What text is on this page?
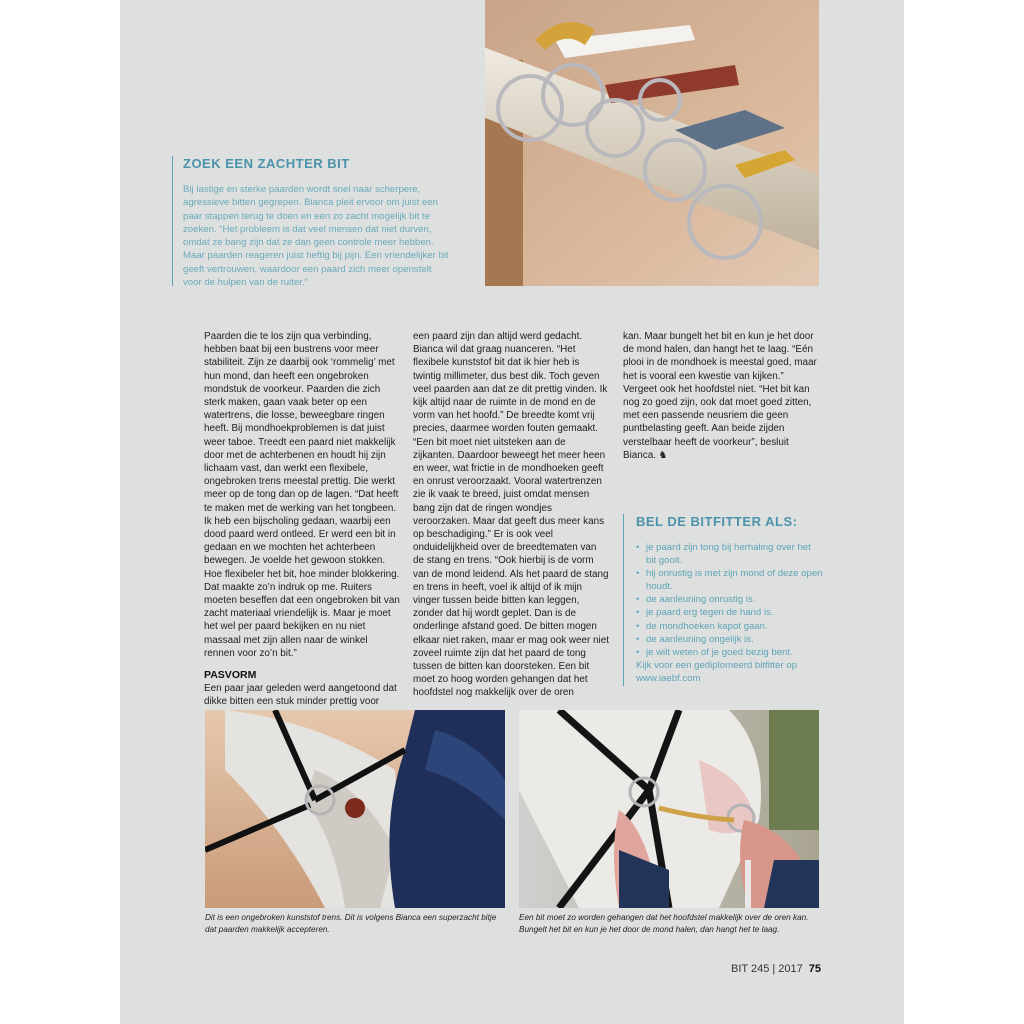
ZOEK EEN ZACHTER BIT

Bij lastige en sterke paarden wordt snel naar scherpere, agressieve bitten gegrepen. Bianca pleit ervoor om juist een paar stappen terug te doen en een zo zacht mogelijk bit te zoeken. “Het probleem is dat veel mensen dat niet durven, omdat ze bang zijn dat ze dan geen controle meer hebben. Maar paarden reageren juist heftig bij pijn. Een vriendelijker bit geeft vertrouwen, waardoor een paard zich meer openstelt voor de hulpen van de ruiter.”

Paarden die te los zijn qua verbinding, hebben baat bij een bustrens voor meer stabiliteit. Zijn ze daarbij ook ‘rommelig’ met hun mond, dan heeft een ongebroken mondstuk de voorkeur. Paarden die zich sterk maken, gaan vaak beter op een watertrens, die losse, beweegbare ringen heeft. Bij mondhoekproblemen is dat juist weer taboe. Treedt een paard niet makkelijk door met de achterbenen en houdt hij zijn lichaam vast, dan werkt een flexibele, ongebroken trens meestal prettig. Die werkt meer op de tong dan op de lagen. “Dat heeft te maken met de werking van het tongbeen. Ik heb een bijscholing gedaan, waarbij een dood paard werd ontleed. Er werd een bit in gedaan en we mochten het achterbeen bewegen. Je voelde het gewoon stokken. Hoe flexibeler het bit, hoe minder blokkering. Dat maakte zo’n indruk op me. Ruiters moeten beseffen dat een ongebroken bit van zacht materiaal vriendelijk is. Maar je moet het wel per paard bekijken en nu niet massaal met zijn allen naar de winkel rennen voor zo’n bit.”

PASVORM

Een paar jaar geleden werd aangetoond dat dikke bitten een stuk minder prettig voor

een paard zijn dan altijd werd gedacht. Bianca wil dat graag nuanceren. “Het flexibele kunststof bit dat ik hier heb is twintig millimeter, dus best dik. Toch geven veel paarden aan dat ze dit prettig vinden. Ik kijk altijd naar de ruimte in de mond en de vorm van het hoofd.” De breedte komt vrij precies, daarmee worden fouten gemaakt. “Een bit moet niet uitsteken aan de zijkanten. Daardoor beweegt het meer heen en weer, wat frictie in de mondhoeken geeft en onrust veroorzaakt. Vooral watertrenzen zie ik vaak te breed, juist omdat mensen bang zijn dat de ringen wondjes veroorzaken. Maar dat geeft dus meer kans op beschadiging.” Er is ook veel onduidelijkheid over de breedtematen van de stang en trens. “Ook hierbij is de vorm van de mond leidend. Als het paard de stang en trens in heeft, voel ik altijd of ik mijn vinger tussen beide bitten kan leggen, zonder dat hij wordt geplet. Dan is de onderlinge afstand goed. De bitten mogen elkaar niet raken, maar er mag ook weer niet zoveel ruimte zijn dat het paard de tong tussen de bitten kan doorsteken. Een bit moet zo hoog worden gehangen dat het hoofdstel nog makkelijk over de oren

kan. Maar bungelt het bit en kun je het door de mond halen, dan hangt het te laag. “Eén plooi in de mondhoek is meestal goed, maar het is vooral een kwestie van kijken.” Vergeet ook het hoofdstel niet. “Het bit kan nog zo goed zijn, ook dat moet goed zitten, met een passende neusriem die geen puntbelasting geeft. Aan beide zijden verstelbaar heeft de voorkeur”, besluit Bianca. ♞

BEL DE BITFITTER ALS:
• je paard zijn tong bij herhaling over het bit gooit.
• hij onrustig is met zijn mond of deze open houdt.
• de aanleuning onrustig is.
• je paard erg tegen de hand is.
• de mondhoeken kapot gaan.
• de aanleuning ongelijk is.
• je wilt weten of je goed bezig bent.

Kijk voor een gediplomeerd bitfitter op www.iaebf.com

Dit is een ongebroken kunststof trens. Dit is volgens Bianca een superzacht bitje dat paarden makkelijk accepteren.
Een bit moet zo worden gehangen dat het hoofdstel makkelijk over de oren kan. Bungelt het bit en kun je het door de mond halen, dan hangt het te laag.
BIT 245 | 2017 75
